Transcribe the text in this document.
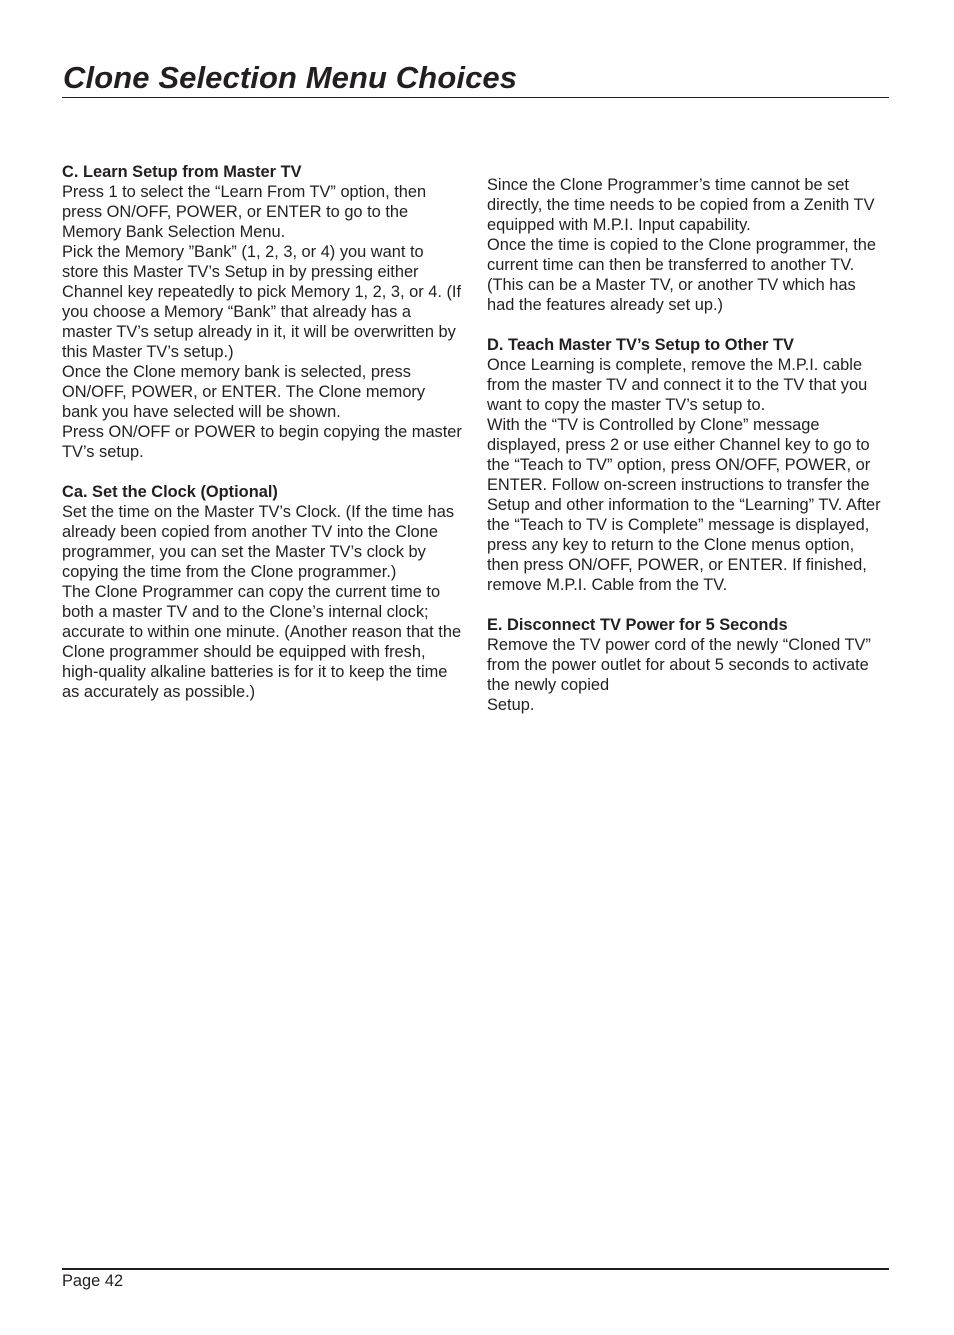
Clone Selection Menu Choices
C. Learn Setup from Master TV
Press 1 to select the “Learn From TV” option, then press ON/OFF, POWER, or ENTER to go to the Memory Bank Selection Menu.
Pick the Memory ”Bank” (1, 2, 3, or 4) you want to store this Master TV’s Setup in by pressing either Channel key repeatedly to pick Memory 1, 2, 3, or 4. (If you choose a Memory “Bank” that already has a master TV’s setup already in it, it will be overwritten by this Master TV’s setup.)
Once the Clone memory bank is selected, press ON/OFF, POWER, or ENTER. The Clone memory bank you have selected will be shown.
Press ON/OFF or POWER to begin copying the master TV’s setup.
Ca. Set the Clock (Optional)
Set the time on the Master TV’s Clock. (If the time has already been copied from another TV into the Clone programmer, you can set the Master TV’s clock by copying the time from the Clone programmer.)
The Clone Programmer can copy the current time to both a master TV and to the Clone’s internal clock; accurate to within one minute. (Another reason that the Clone programmer should be equipped with fresh, high-quality alkaline batteries is for it to keep the time as accurately as possible.)
Since the Clone Programmer’s time cannot be set directly, the time needs to be copied from a Zenith TV equipped with M.P.I. Input capability.
Once the time is copied to the Clone programmer, the current time can then be transferred to another TV. (This can be a Master TV, or another TV which has had the features already set up.)
D. Teach Master TV’s Setup to Other TV
Once Learning is complete, remove the M.P.I. cable from the master TV and connect it to the TV that you want to copy the master TV’s setup to.
With the “TV is Controlled by Clone” message displayed, press 2 or use either Channel key to go to the “Teach to TV” option, press ON/OFF, POWER, or ENTER. Follow on-screen instructions to transfer the Setup and other information to the “Learning” TV. After the “Teach to TV is Complete” message is displayed, press any key to return to the Clone menus option, then press ON/OFF, POWER, or ENTER. If finished, remove M.P.I. Cable from the TV.
E. Disconnect TV Power for 5 Seconds
Remove the TV power cord of the newly “Cloned TV” from the power outlet for about 5 seconds to activate the newly copied
Setup.
Page 42
